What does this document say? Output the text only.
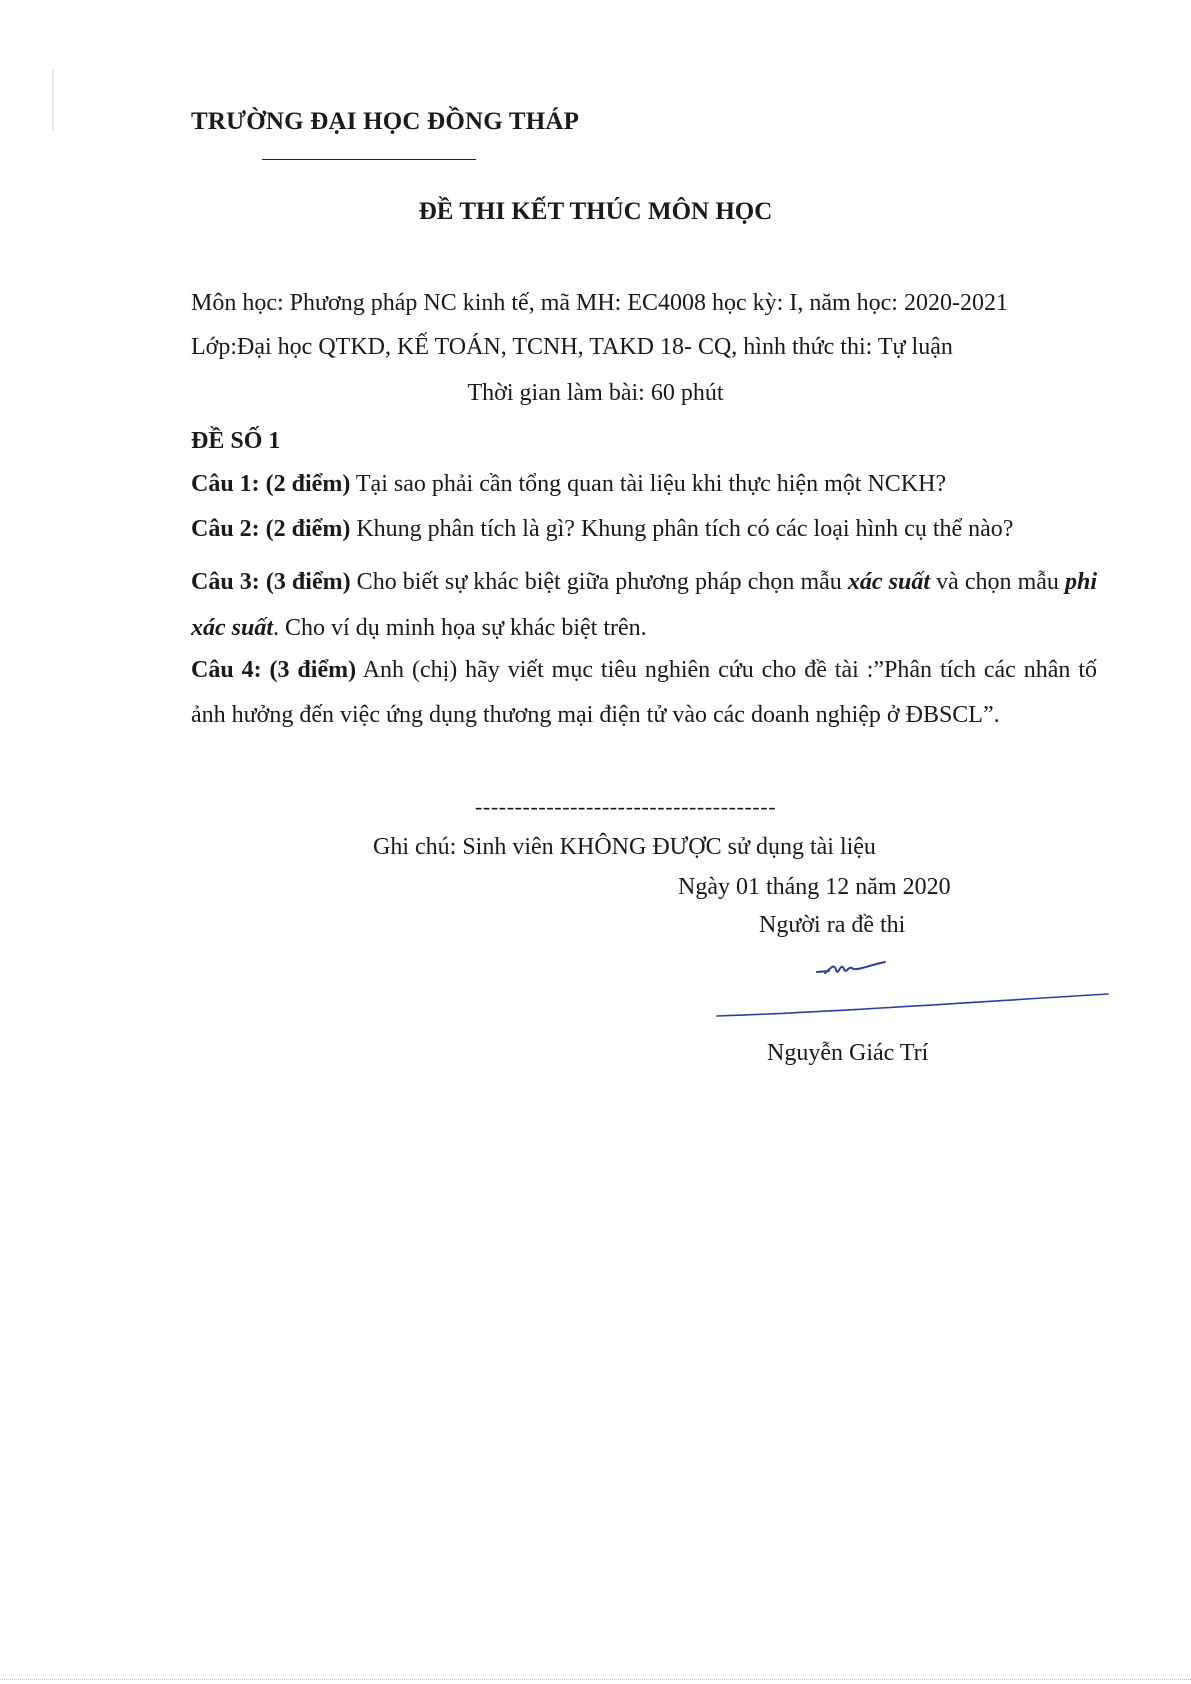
TRƯỜNG ĐẠI HỌC ĐỒNG THÁP
ĐỀ THI KẾT THÚC MÔN HỌC
Môn học: Phương pháp NC kinh tế, mã MH: EC4008 học kỳ: I, năm học: 2020-2021
Lớp:Đại học QTKD, KẾ TOÁN, TCNH, TAKD 18- CQ, hình thức thi: Tự luận
Thời gian làm bài: 60 phút
ĐỀ SỐ 1
Câu 1: (2 điểm) Tại sao phải cần tổng quan tài liệu khi thực hiện một NCKH?
Câu 2: (2 điểm) Khung phân tích là gì? Khung phân tích có các loại hình cụ thể nào?
Câu 3: (3 điểm) Cho biết sự khác biệt giữa phương pháp chọn mẫu xác suất và chọn mẫu phi xác suất. Cho ví dụ minh họa sự khác biệt trên.
Câu 4: (3 điểm) Anh (chị) hãy viết mục tiêu nghiên cứu cho đề tài :”Phân tích các nhân tố ảnh hưởng đến việc ứng dụng thương mại điện tử vào các doanh nghiệp ở ĐBSCL”.
--------------------------------------
Ghi chú: Sinh viên KHÔNG ĐƯỢC sử dụng tài liệu
Ngày 01 tháng 12 năm 2020
Người ra đề thi
Nguyễn Giác Trí
